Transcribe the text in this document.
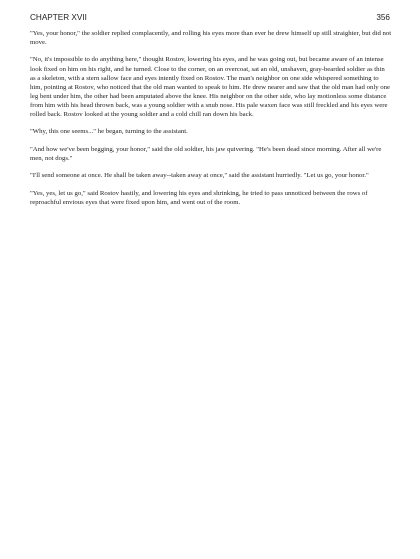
CHAPTER XVII	356

"Yes, your honor," the soldier replied complacently, and rolling his eyes more than ever he drew himself up still straighter, but did not move.

"No, it's impossible to do anything here," thought Rostov, lowering his eyes, and he was going out, but became aware of an intense look fixed on him on his right, and he turned. Close to the corner, on an overcoat, sat an old, unshaven, gray-bearded soldier as thin as a skeleton, with a stern sallow face and eyes intently fixed on Rostov. The man's neighbor on one side whispered something to him, pointing at Rostov, who noticed that the old man wanted to speak to him. He drew nearer and saw that the old man had only one leg bent under him, the other had been amputated above the knee. His neighbor on the other side, who lay motionless some distance from him with his head thrown back, was a young soldier with a snub nose. His pale waxen face was still freckled and his eyes were rolled back. Rostov looked at the young soldier and a cold chill ran down his back.

"Why, this one seems..." he began, turning to the assistant.

"And how we've been begging, your honor," said the old soldier, his jaw quivering. "He's been dead since morning. After all we're men, not dogs."

"I'll send someone at once. He shall be taken away--taken away at once," said the assistant hurriedly. "Let us go, your honor."

"Yes, yes, let us go," said Rostov hastily, and lowering his eyes and shrinking, he tried to pass unnoticed between the rows of reproachful envious eyes that were fixed upon him, and went out of the room.
